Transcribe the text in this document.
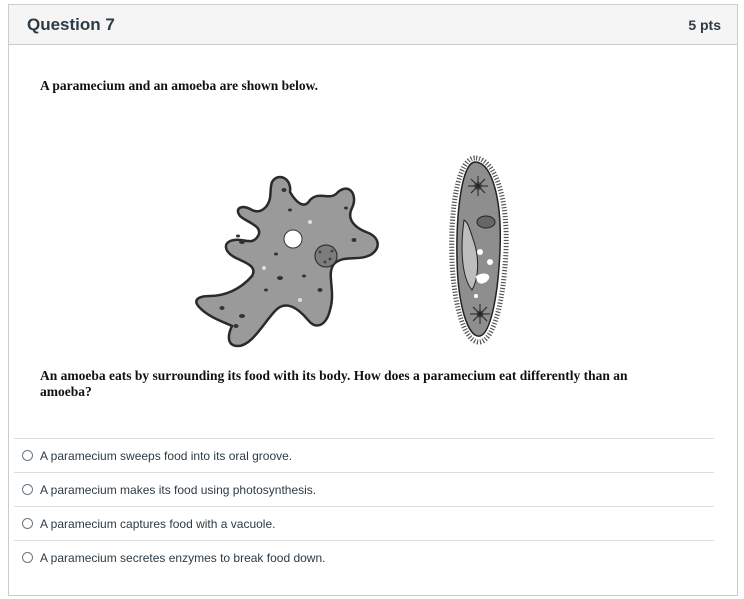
Question 7	5 pts
A paramecium and an amoeba are shown below.
An amoeba eats by surrounding its food with its body. How does a paramecium eat differently than an amoeba?
A paramecium sweeps food into its oral groove.
A paramecium makes its food using photosynthesis.
A paramecium captures food with a vacuole.
A paramecium secretes enzymes to break food down.
